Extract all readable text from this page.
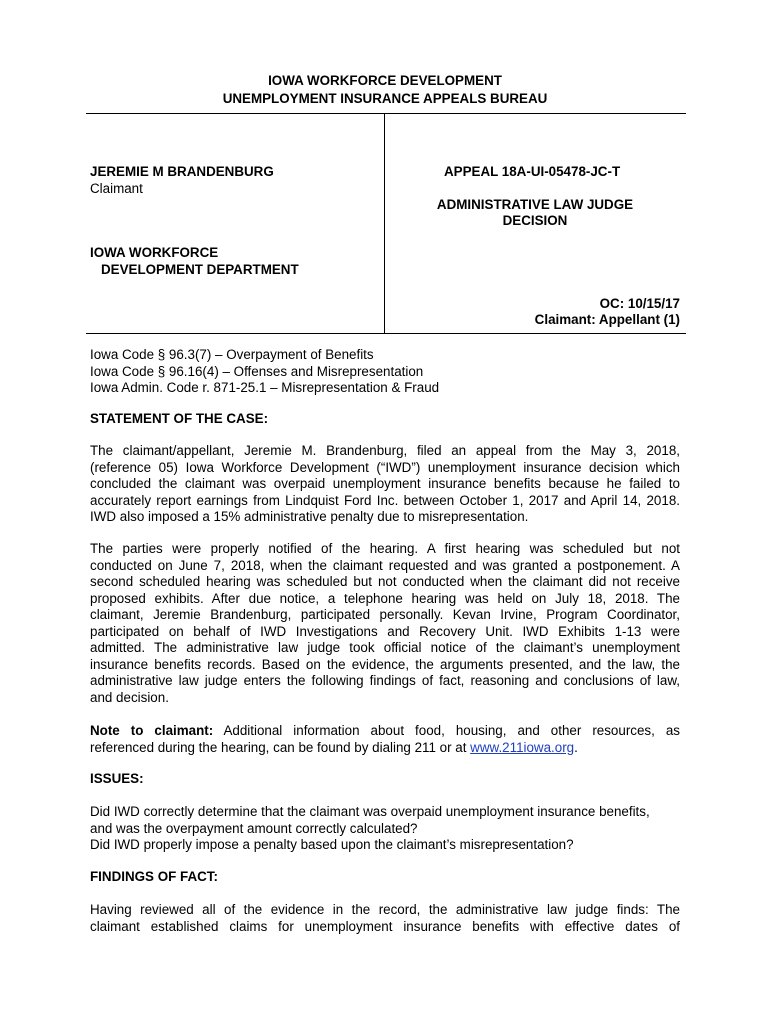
IOWA WORKFORCE DEVELOPMENT
UNEMPLOYMENT INSURANCE APPEALS BUREAU
JEREMIE M BRANDENBURG
Claimant
IOWA WORKFORCE
DEVELOPMENT DEPARTMENT
APPEAL 18A-UI-05478-JC-T
ADMINISTRATIVE LAW JUDGE
DECISION
OC: 10/15/17
Claimant: Appellant (1)
Iowa Code § 96.3(7) – Overpayment of Benefits
Iowa Code § 96.16(4) – Offenses and Misrepresentation
Iowa Admin. Code r. 871-25.1 – Misrepresentation & Fraud
STATEMENT OF THE CASE:
The claimant/appellant, Jeremie M. Brandenburg, filed an appeal from the May 3, 2018,
(reference 05) Iowa Workforce Development (“IWD”) unemployment insurance decision which
concluded the claimant was overpaid unemployment insurance benefits because he failed to
accurately report earnings from Lindquist Ford Inc. between October 1, 2017 and April 14, 2018.
IWD also imposed a 15% administrative penalty due to misrepresentation.
The parties were properly notified of the hearing. A first hearing was scheduled but not
conducted on June 7, 2018, when the claimant requested and was granted a postponement. A
second scheduled hearing was scheduled but not conducted when the claimant did not receive
proposed exhibits. After due notice, a telephone hearing was held on July 18, 2018. The
claimant, Jeremie Brandenburg, participated personally. Kevan Irvine, Program Coordinator,
participated on behalf of IWD Investigations and Recovery Unit. IWD Exhibits 1-13 were
admitted. The administrative law judge took official notice of the claimant’s unemployment
insurance benefits records. Based on the evidence, the arguments presented, and the law, the
administrative law judge enters the following findings of fact, reasoning and conclusions of law,
and decision.
Note to claimant: Additional information about food, housing, and other resources, as
referenced during the hearing, can be found by dialing 211 or at www.211iowa.org.
ISSUES:
Did IWD correctly determine that the claimant was overpaid unemployment insurance benefits,
and was the overpayment amount correctly calculated?
Did IWD properly impose a penalty based upon the claimant’s misrepresentation?
FINDINGS OF FACT:
Having reviewed all of the evidence in the record, the administrative law judge finds: The
claimant established claims for unemployment insurance benefits with effective dates of
